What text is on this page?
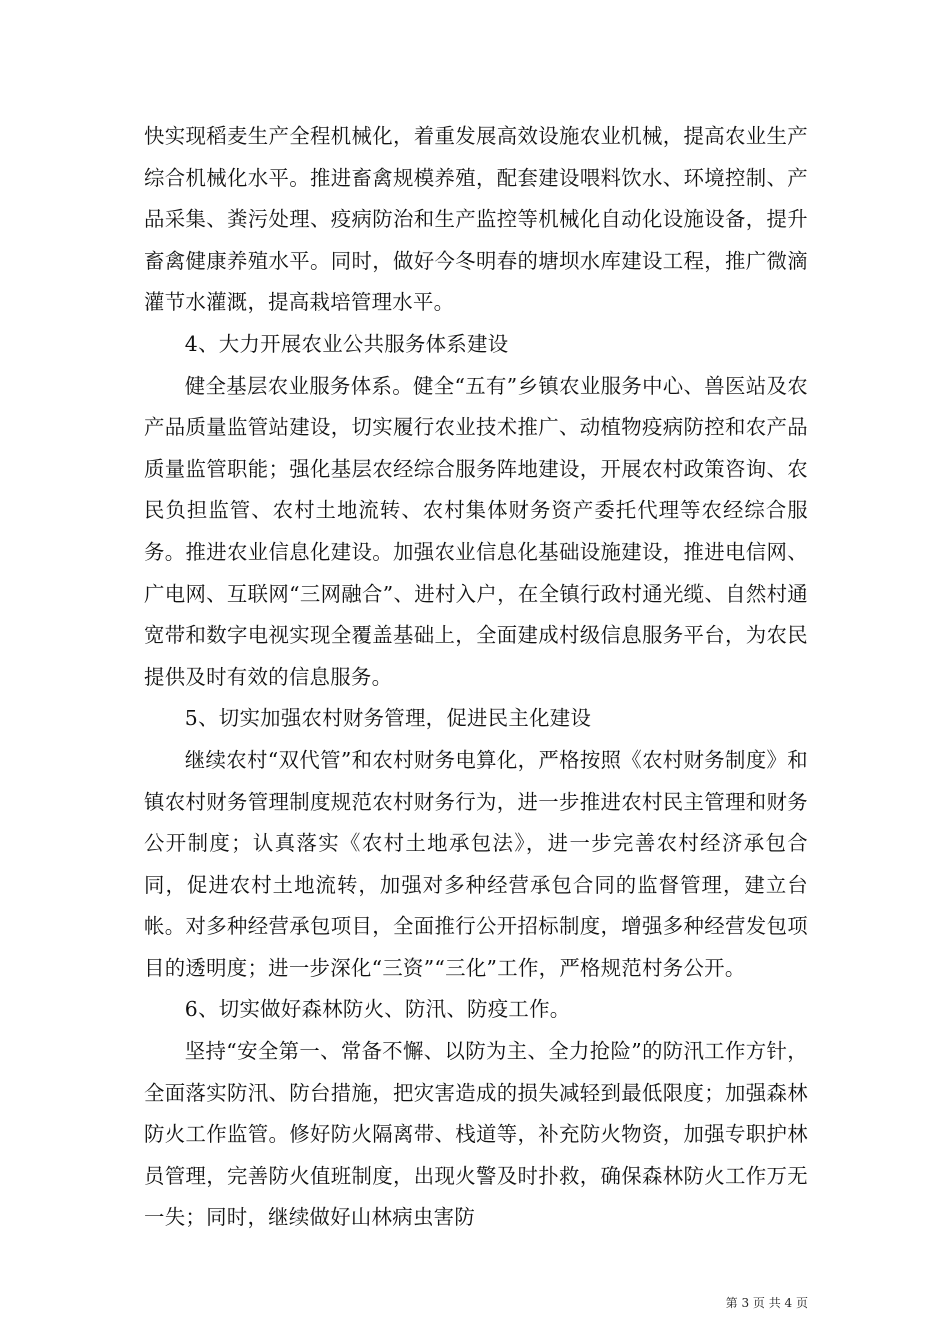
快实现稻麦生产全程机械化，着重发展高效设施农业机械，提高农业生产综合机械化水平。推进畜禽规模养殖，配套建设喂料饮水、环境控制、产品采集、粪污处理、疫病防治和生产监控等机械化自动化设施设备，提升畜禽健康养殖水平。同时，做好今冬明春的塘坝水库建设工程，推广微滴灌节水灌溉，提高栽培管理水平。

4、大力开展农业公共服务体系建设

健全基层农业服务体系。健全“五有”乡镇农业服务中心、兽医站及农产品质量监管站建设，切实履行农业技术推广、动植物疫病防控和农产品质量监管职能；强化基层农经综合服务阵地建设，开展农村政策咨询、农民负担监管、农村土地流转、农村集体财务资产委托代理等农经综合服务。推进农业信息化建设。加强农业信息化基础设施建设，推进电信网、广电网、互联网“三网融合”、进村入户，在全镇行政村通光缆、自然村通宽带和数字电视实现全覆盖基础上，全面建成村级信息服务平台，为农民提供及时有效的信息服务。

5、切实加强农村财务管理，促进民主化建设

继续农村“双代管”和农村财务电算化，严格按照《农村财务制度》和镇农村财务管理制度规范农村财务行为，进一步推进农村民主管理和财务公开制度；认真落实《农村土地承包法》，进一步完善农村经济承包合同，促进农村土地流转，加强对多种经营承包合同的监督管理，建立台帐。对多种经营承包项目，全面推行公开招标制度，增强多种经营发包项目的透明度；进一步深化“三资”“三化”工作，严格规范村务公开。

6、切实做好森林防火、防汛、防疫工作。

坚持“安全第一、常备不懈、以防为主、全力抢险”的防汛工作方针，全面落实防汛、防台措施，把灾害造成的损失减轻到最低限度；加强森林防火工作监管。修好防火隔离带、栈道等，补充防火物资，加强专职护林员管理，完善防火值班制度，出现火警及时扑救，确保森林防火工作万无一失；同时，继续做好山林病虫害防

第 3 页 共 4 页
